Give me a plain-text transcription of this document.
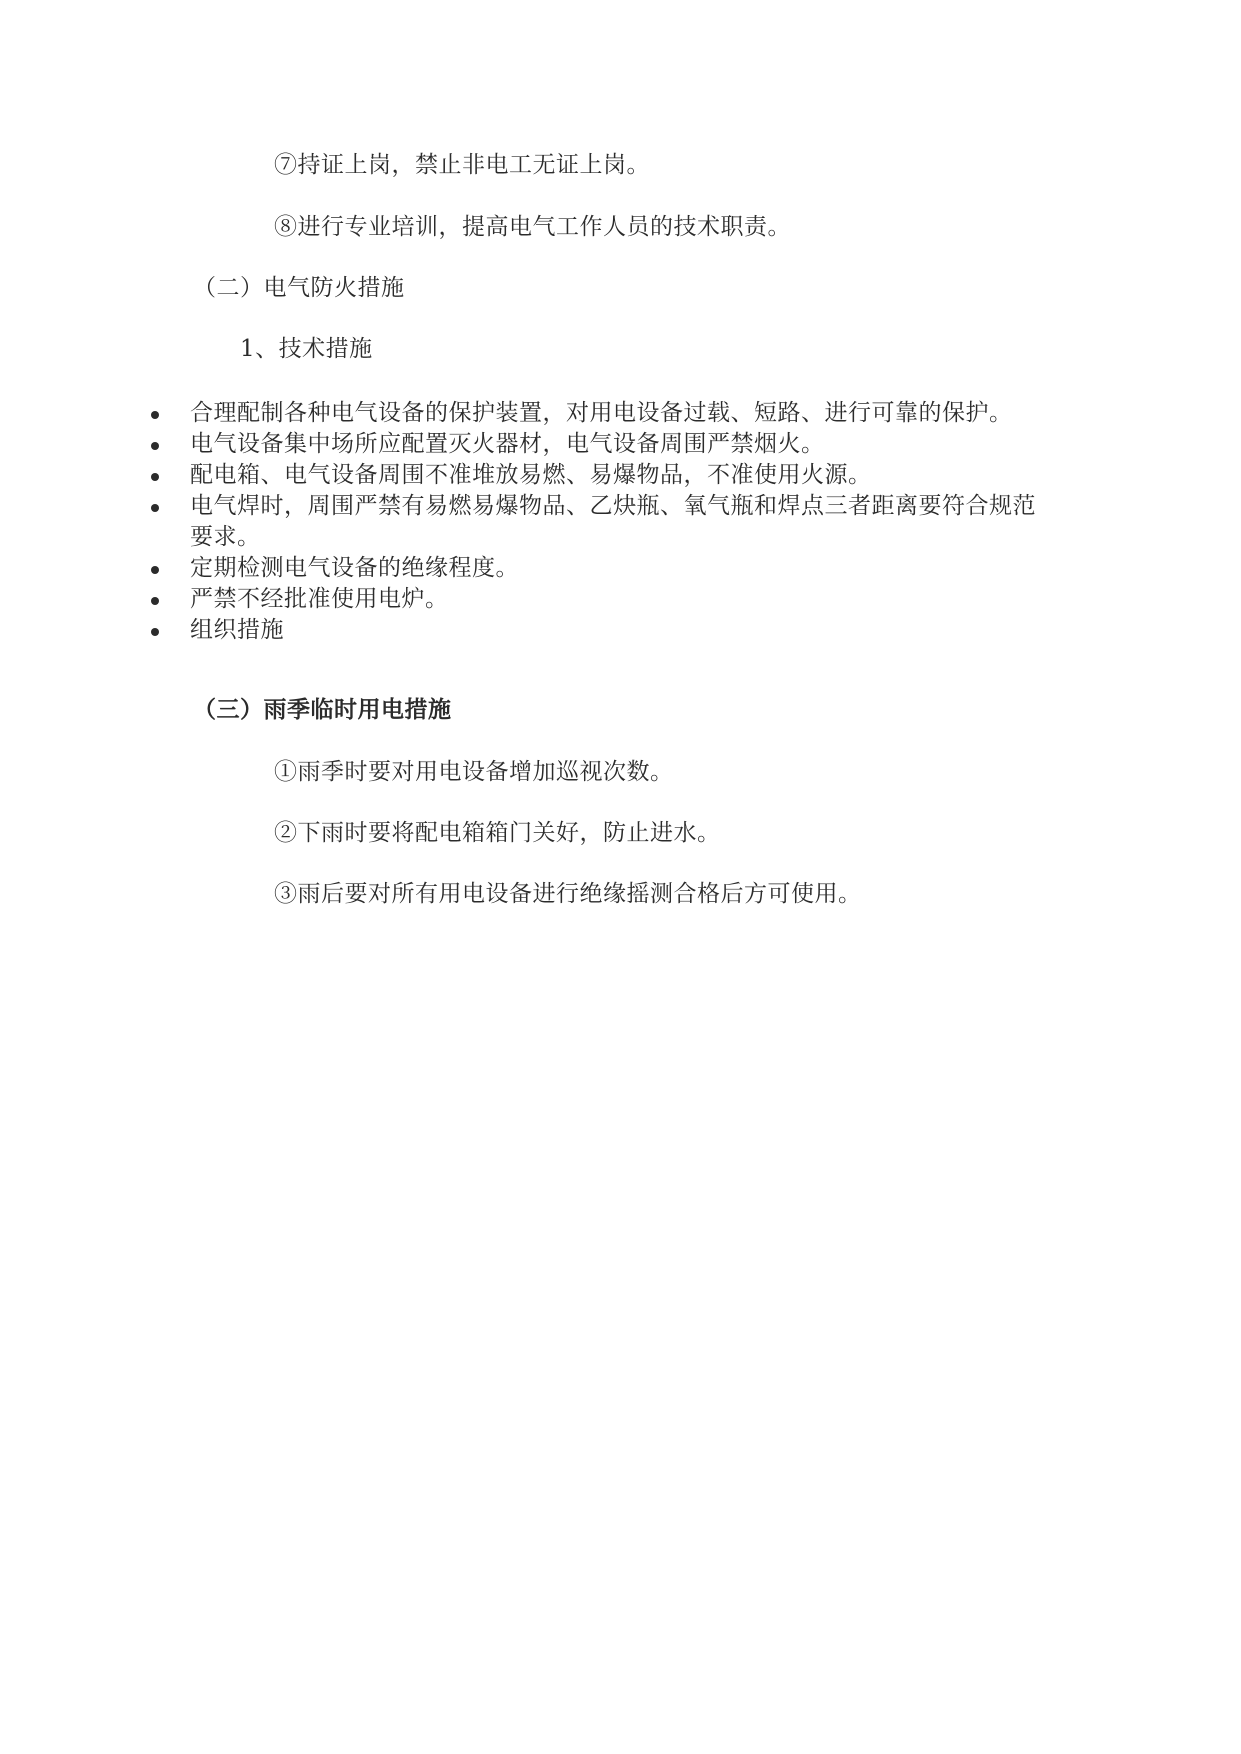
⑦持证上岗，禁止非电工无证上岗。
⑧进行专业培训，提高电气工作人员的技术职责。
（二）电气防火措施
1、技术措施
合理配制各种电气设备的保护装置，对用电设备过载、短路、进行可靠的保护。
电气设备集中场所应配置灭火器材，电气设备周围严禁烟火。
配电箱、电气设备周围不准堆放易燃、易爆物品，不准使用火源。
电气焊时，周围严禁有易燃易爆物品、乙炔瓶、氧气瓶和焊点三者距离要符合规范要求。
定期检测电气设备的绝缘程度。
严禁不经批准使用电炉。
组织措施
（三）雨季临时用电措施
①雨季时要对用电设备增加巡视次数。
②下雨时要将配电箱箱门关好，防止进水。
③雨后要对所有用电设备进行绝缘摇测合格后方可使用。
